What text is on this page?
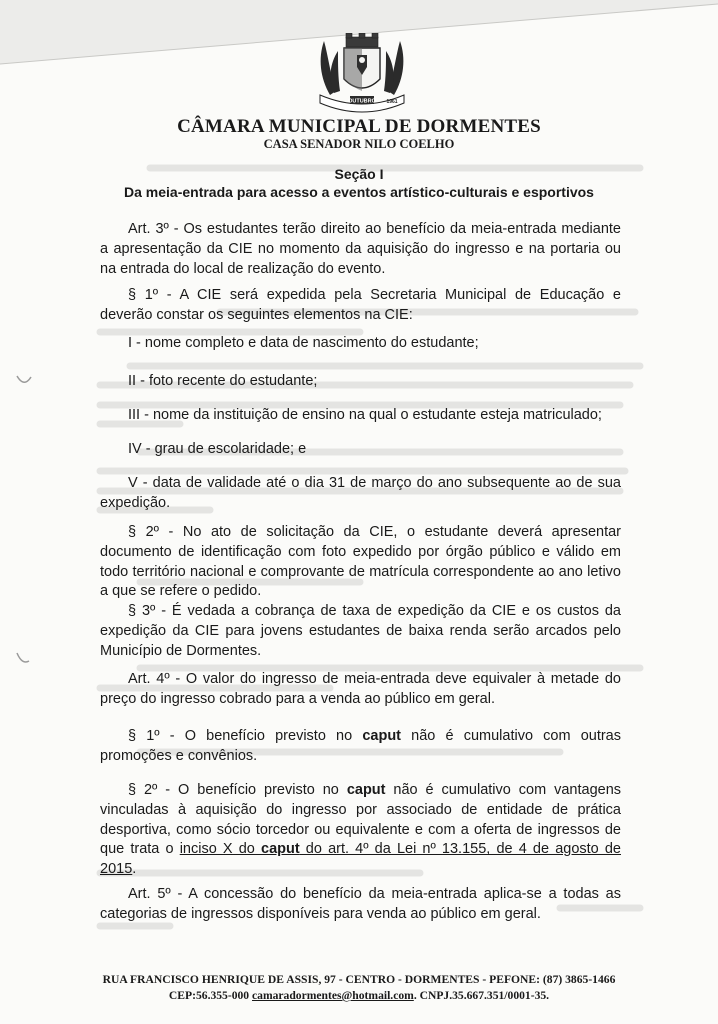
OUTUBRO 1961
CÂMARA MUNICIPAL DE DORMENTES
CASA SENADOR NILO COELHO
Seção I
Da meia-entrada para acesso a eventos artístico-culturais e esportivos

Art. 3º - Os estudantes terão direito ao benefício da meia-entrada mediante a apresentação da CIE no momento da aquisição do ingresso e na portaria ou na entrada do local de realização do evento.

§ 1º - A CIE será expedida pela Secretaria Municipal de Educação e deverão constar os seguintes elementos na CIE:

I - nome completo e data de nascimento do estudante;

II - foto recente do estudante;

III - nome da instituição de ensino na qual o estudante esteja matriculado;

IV - grau de escolaridade; e

V - data de validade até o dia 31 de março do ano subsequente ao de sua expedição.

§ 2º - No ato de solicitação da CIE, o estudante deverá apresentar documento de identificação com foto expedido por órgão público e válido em todo território nacional e comprovante de matrícula correspondente ao ano letivo a que se refere o pedido.

§ 3º - É vedada a cobrança de taxa de expedição da CIE e os custos da expedição da CIE para jovens estudantes de baixa renda serão arcados pelo Município de Dormentes.

Art. 4º - O valor do ingresso de meia-entrada deve equivaler à metade do preço do ingresso cobrado para a venda ao público em geral.

§ 1º - O benefício previsto no caput não é cumulativo com outras promoções e convênios.

§ 2º - O benefício previsto no caput não é cumulativo com vantagens vinculadas à aquisição do ingresso por associado de entidade de prática desportiva, como sócio torcedor ou equivalente e com a oferta de ingressos de que trata o inciso X do caput do art. 4º da Lei nº 13.155, de 4 de agosto de 2015.

Art. 5º - A concessão do benefício da meia-entrada aplica-se a todas as categorias de ingressos disponíveis para venda ao público em geral.

RUA FRANCISCO HENRIQUE DE ASSIS, 97 - CENTRO - DORMENTES - PEFONE: (87) 3865-1466
CEP:56.355-000 camaradormentes@hotmail.com. CNPJ.35.667.351/0001-35.
